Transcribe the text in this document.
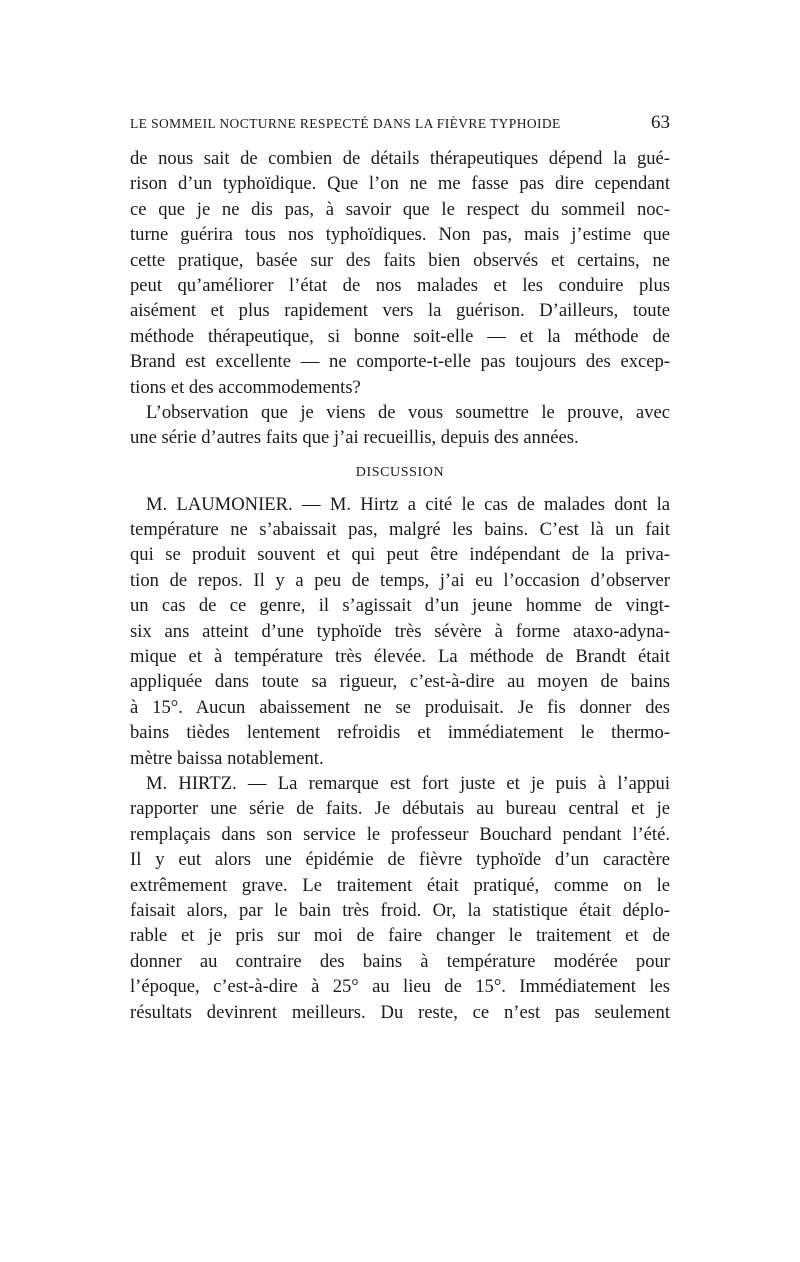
LE SOMMEIL NOCTURNE RESPECTÉ DANS LA FIÈVRE TYPHOIDE	63
de nous sait de combien de détails thérapeutiques dépend la gué-
rison d’un typhoïdique. Que l’on ne me fasse pas dire cependant
ce que je ne dis pas, à savoir que le respect du sommeil noc-
turne guérira tous nos typhoïdiques. Non pas, mais j’estime que
cette pratique, basée sur des faits bien observés et certains, ne
peut qu’améliorer l’état de nos malades et les conduire plus
aisément et plus rapidement vers la guérison. D’ailleurs, toute
méthode thérapeutique, si bonne soit-elle — et la méthode de
Brand est excellente — ne comporte-t-elle pas toujours des excep-
tions et des accommodements?
L’observation que je viens de vous soumettre le prouve, avec
une série d’autres faits que j’ai recueillis, depuis des années.
DISCUSSION
M. LAUMONIER. — M. Hirtz a cité le cas de malades dont la
température ne s’abaissait pas, malgré les bains. C’est là un fait
qui se produit souvent et qui peut être indépendant de la priva-
tion de repos. Il y a peu de temps, j’ai eu l’occasion d’observer
un cas de ce genre, il s’agissait d’un jeune homme de vingt-
six ans atteint d’une typhoïde très sévère à forme ataxo-adyna-
mique et à température très élevée. La méthode de Brandt était
appliquée dans toute sa rigueur, c’est-à-dire au moyen de bains
à 15°. Aucun abaissement ne se produisait. Je fis donner des
bains tièdes lentement refroidis et immédiatement le thermo-
mètre baissa notablement.
M. HIRTZ. — La remarque est fort juste et je puis à l’appui
rapporter une série de faits. Je débutais au bureau central et je
remplaçais dans son service le professeur Bouchard pendant l’été.
Il y eut alors une épidémie de fièvre typhoïde d’un caractère
extrêmement grave. Le traitement était pratiqué, comme on le
faisait alors, par le bain très froid. Or, la statistique était déplo-
rable et je pris sur moi de faire changer le traitement et de
donner au contraire des bains à température modérée pour
l’époque, c’est-à-dire à 25° au lieu de 15°. Immédiatement les
résultats devinrent meilleurs. Du reste, ce n’est pas seulement
